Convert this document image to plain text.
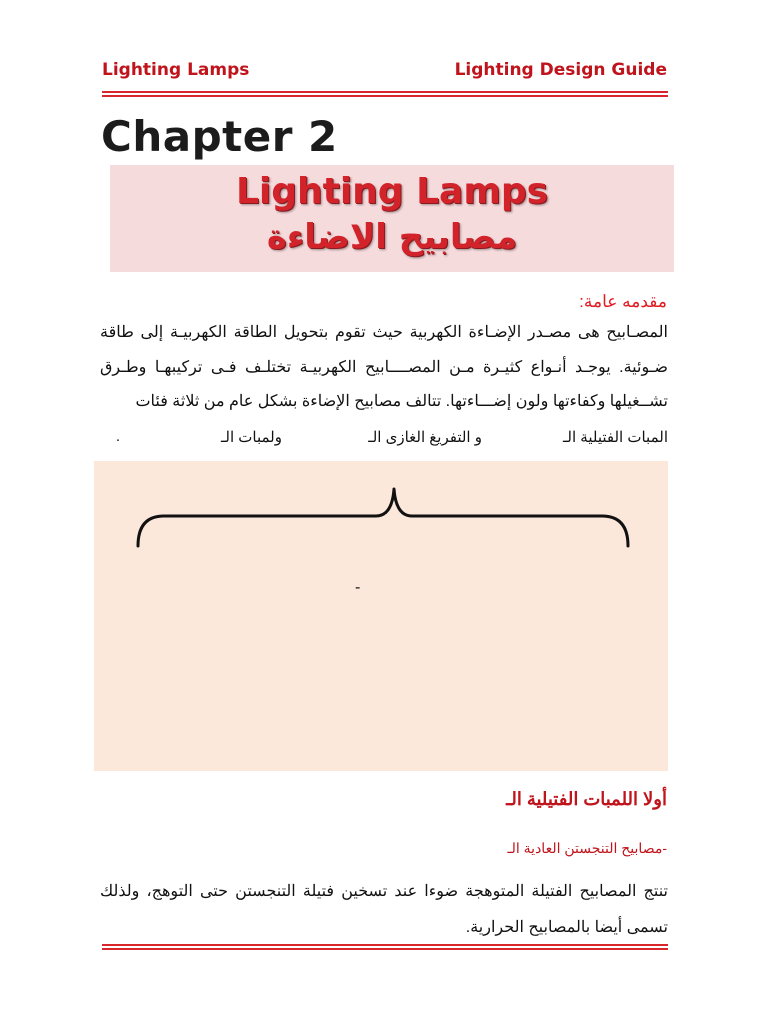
Lighting Lamps	Lighting Design Guide
Chapter 2
Lighting Lamps
مصابيح الاضاءة
مقدمه عامة:
المصـابيح هى مصـدر الإضـاءة الكهربية حيث تقوم بتحويل الطاقة الكهربيـة إلى طاقة ضـوئية. يوجـد أنـواع كثيـرة مـن المصــــابيح الكهربيـة تختلـف فـى تركيبهـا وطـرق تشــغيلها وكفاءتها ولون إضـــاءتها. تتالف مصابيح الإضاءة بشكل عام من ثلاثة فئات
المبات الفتيلية الـ
و التفريغ الغازى الـ
ولمبات الـ
.
-
أولا اللمبات الفتيلية الـ
-مصابيح التنجستن العادية الـ
تنتج المصابيح الفتيلة المتوهجة ضوءا عند تسخين فتيلة التنجستن حتى التوهج، ولذلك تسمى أيضا بالمصابيح الحرارية.
